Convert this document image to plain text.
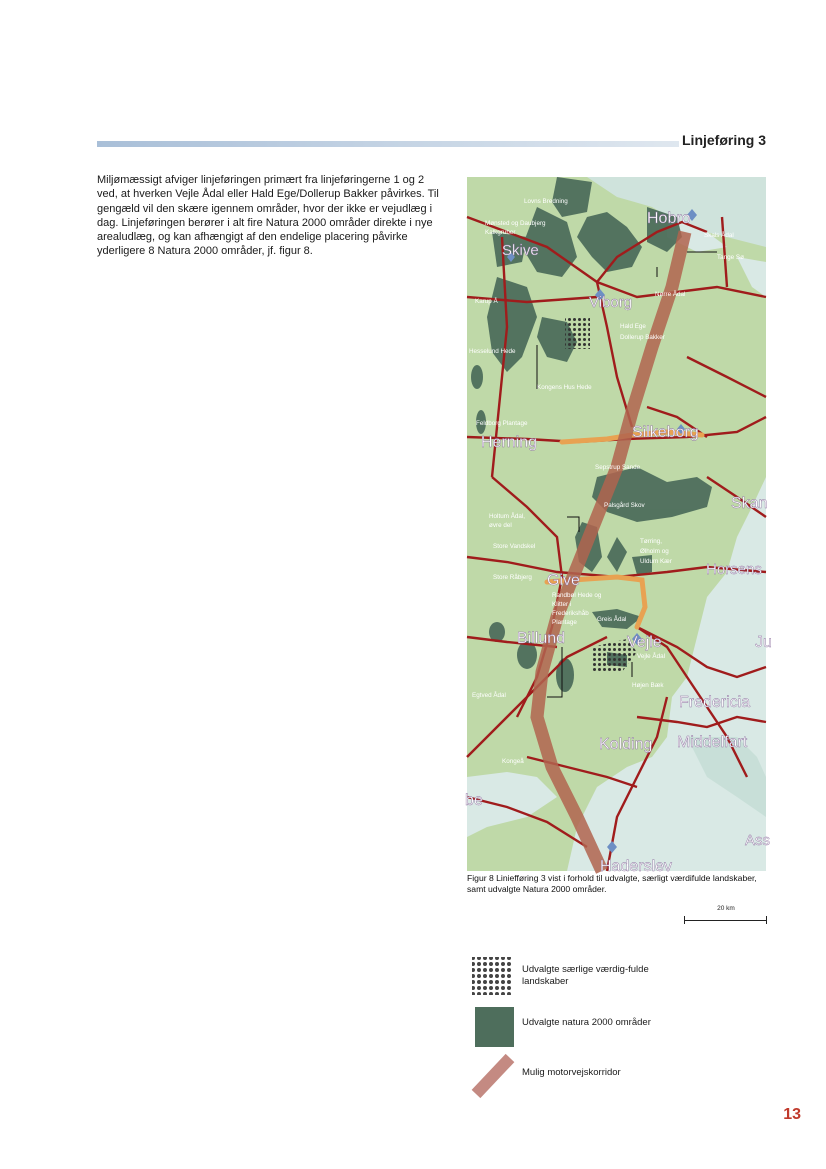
Linjeføring 3
Miljømæssigt afviger linjeføringen primært fra linjeføringerne 1 og 2 ved, at hverken Vejle Ådal eller Hald Ege/Dollerup Bakker påvirkes. Til gengæld vil den skære igennem områder, hvor der ikke er vejudlæg i dag. Linjeføringen berører i alt fire Natura 2000 områder direkte i nye arealudlæg, og kan afhængigt af den endelige placering påvirke yderligere 8 Natura 2000 områder, jf. figur 8.
Hobro
Skive
Viborg
Silkeborg
Herning
Skan
Horsens
Give
Billund	Vejle	Ju
Fredericia
Kolding Middelfart
be
Ass
Haderslev
Lovns Bredning
Mønsted og Daubjerg
Kalkgruber	Skals Ådal
Tange Sø
Karup Å
Nørre Ådal
Hald Ege
Dollerup Bakker
Hesselund Hede
Kongens Hus Hede
Feldborg Plantage
Sepstrup Sande
Palsgård Skov
Holtum Ådal,
øvre del
Store Vandskel
Tørring,
Ølholm og
Uldum Kær
Store Råbjerg
Randbøl Hede og
Klitter i
Frederikshåb
Plantage	Greis Ådal
Vejle Ådal
Højen Bæk
Egtved Ådal
Kongeå
Figur 8 Liniefføring 3 vist i forhold til udvalgte, særligt værdifulde landskaber, samt udvalgte Natura 2000 områder.
20 km
Udvalgte særlige værdig-fulde landskaber
Udvalgte natura 2000 områder
Mulig motorvejskorridor
13
